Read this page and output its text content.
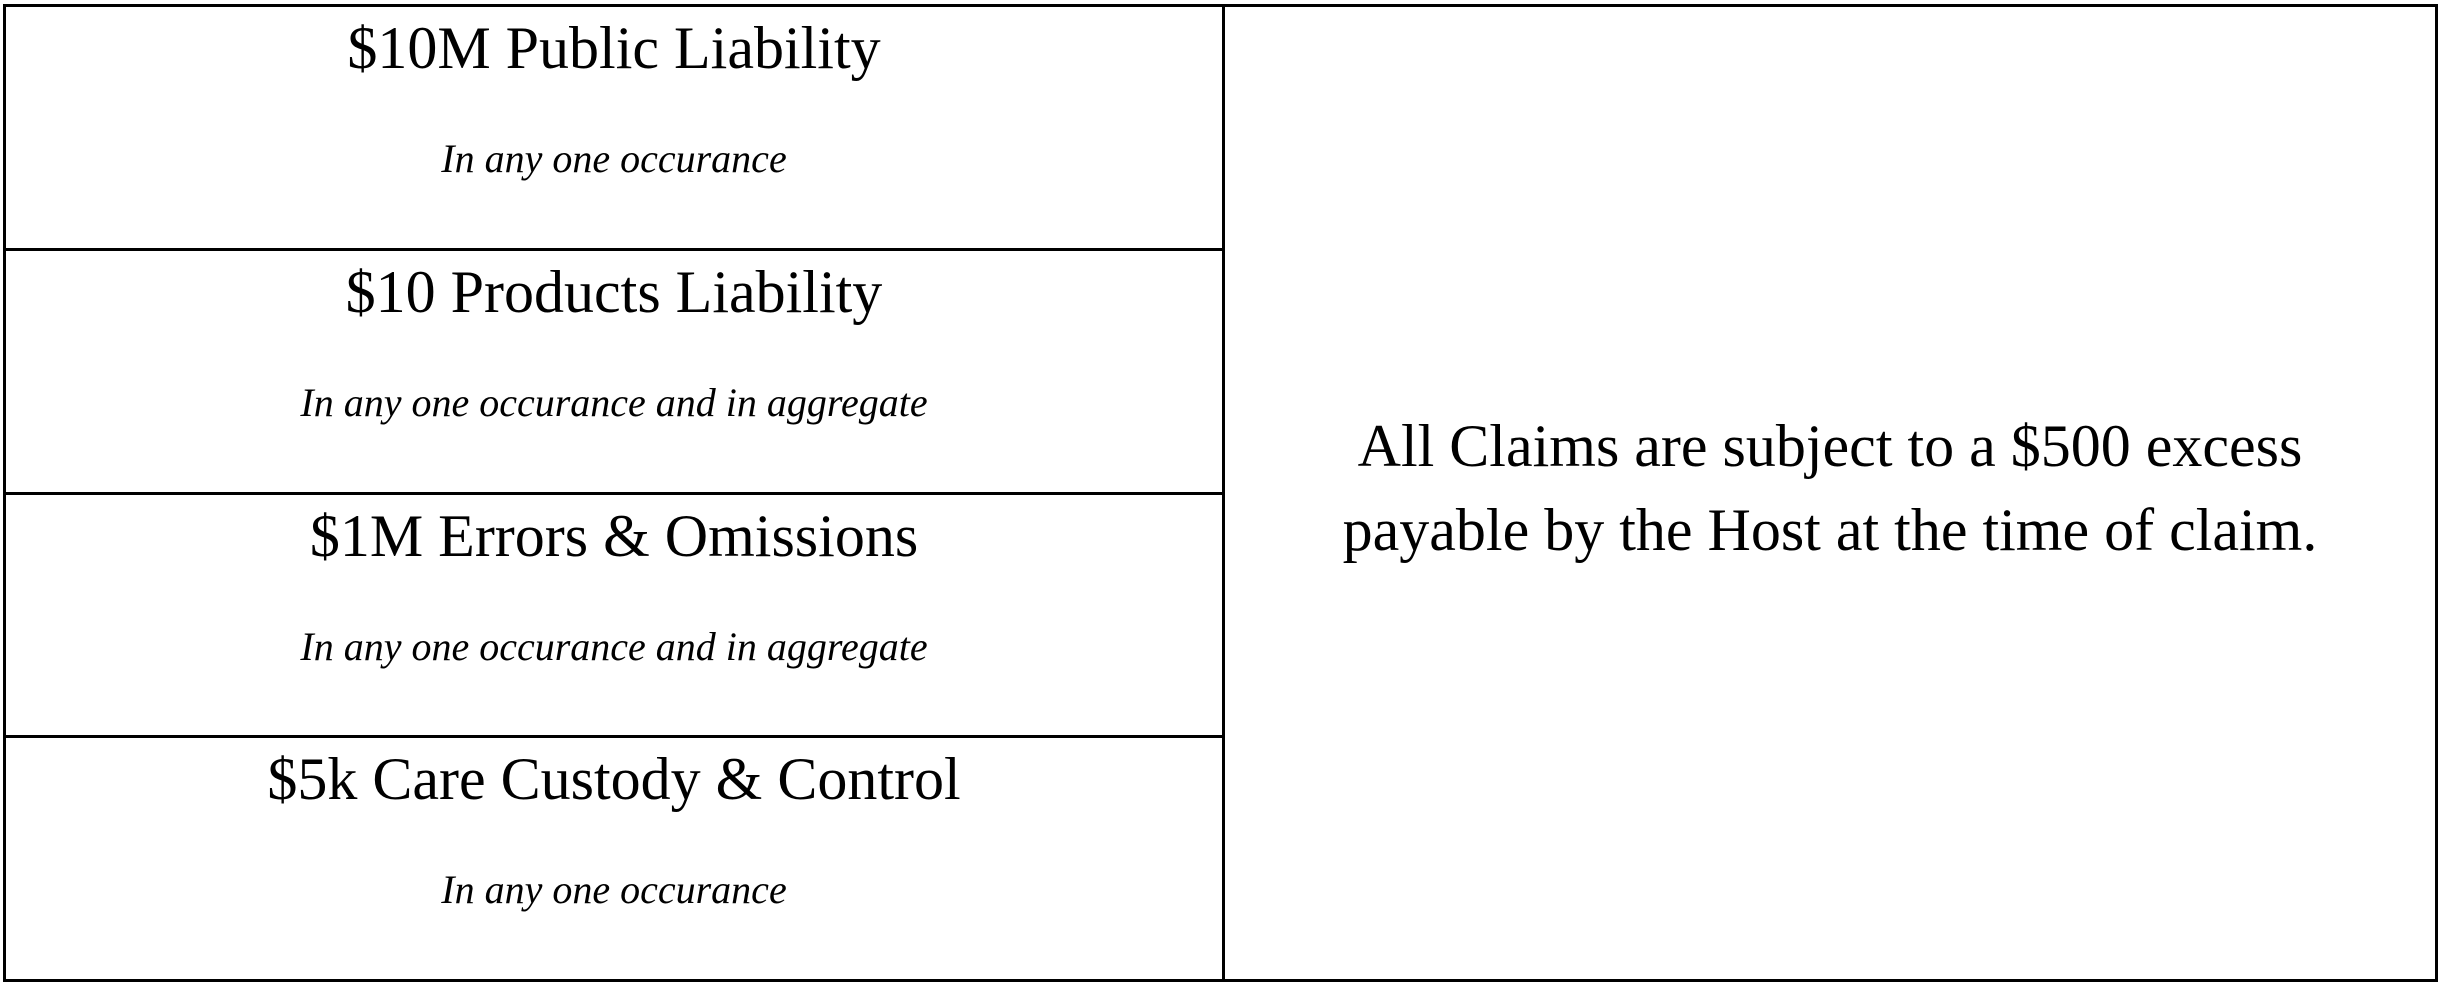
$10M Public Liability
In any one occurance
$10 Products Liability
In any one occurance and in aggregate
$1M Errors & Omissions
In any one occurance and in aggregate
$5k Care Custody & Control
In any one occurance
All Claims are subject to a $500 excess payable by the Host at the time of claim.
